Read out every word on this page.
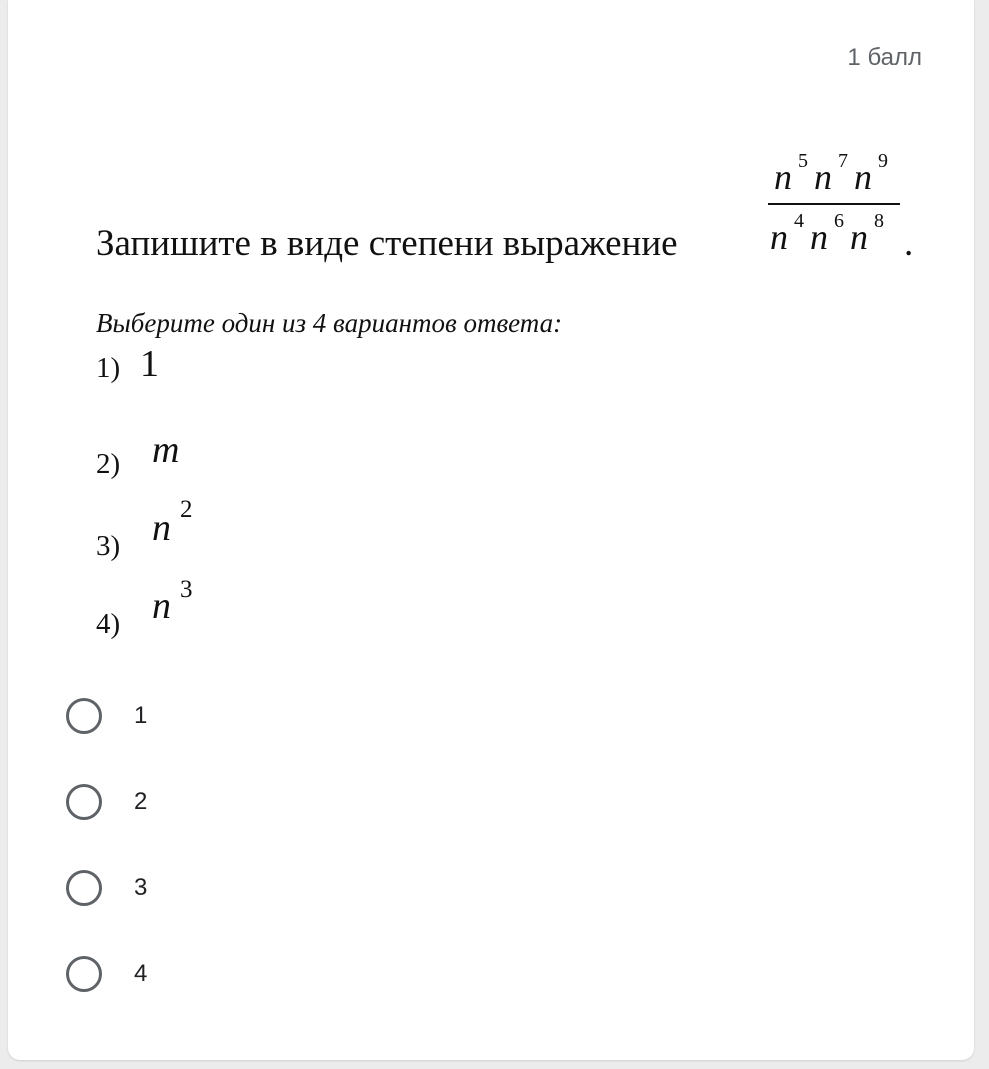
1 балл
Запишите в виде степени выражение
n 5 n 7 n 9
n 4 n 6 n 8
.
Выберите один из 4 вариантов ответа:
1) 1
2) m
3) n 2
4) n 3
1
2
3
4
